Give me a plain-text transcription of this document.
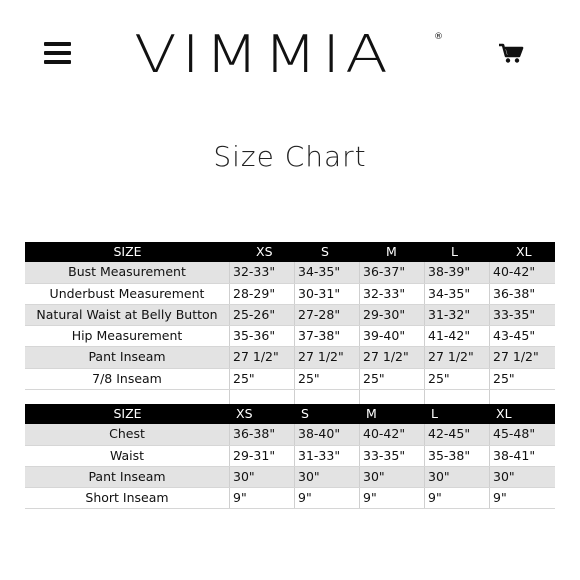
VIMMIA	®
Size Chart
SIZE	XS	S	M	L	XL
Bust Measurement	32-33"	34-35"	36-37"	38-39"	40-42"
Underbust Measurement	28-29"	30-31"	32-33"	34-35"	36-38"
Natural Waist at Belly Button	25-26"	27-28"	29-30"	31-32"	33-35"
Hip Measurement	35-36"	37-38"	39-40"	41-42"	43-45"
Pant Inseam	27 1/2"	27 1/2"	27 1/2"	27 1/2"	27 1/2"
7/8 Inseam	25"	25"	25"	25"	25"
SIZE	XS	S	M	L	XL
Chest	36-38"	38-40"	40-42"	42-45"	45-48"
Waist	29-31"	31-33"	33-35"	35-38"	38-41"
Pant Inseam	30"	30"	30"	30"	30"
Short Inseam	9"	9"	9"	9"	9"
